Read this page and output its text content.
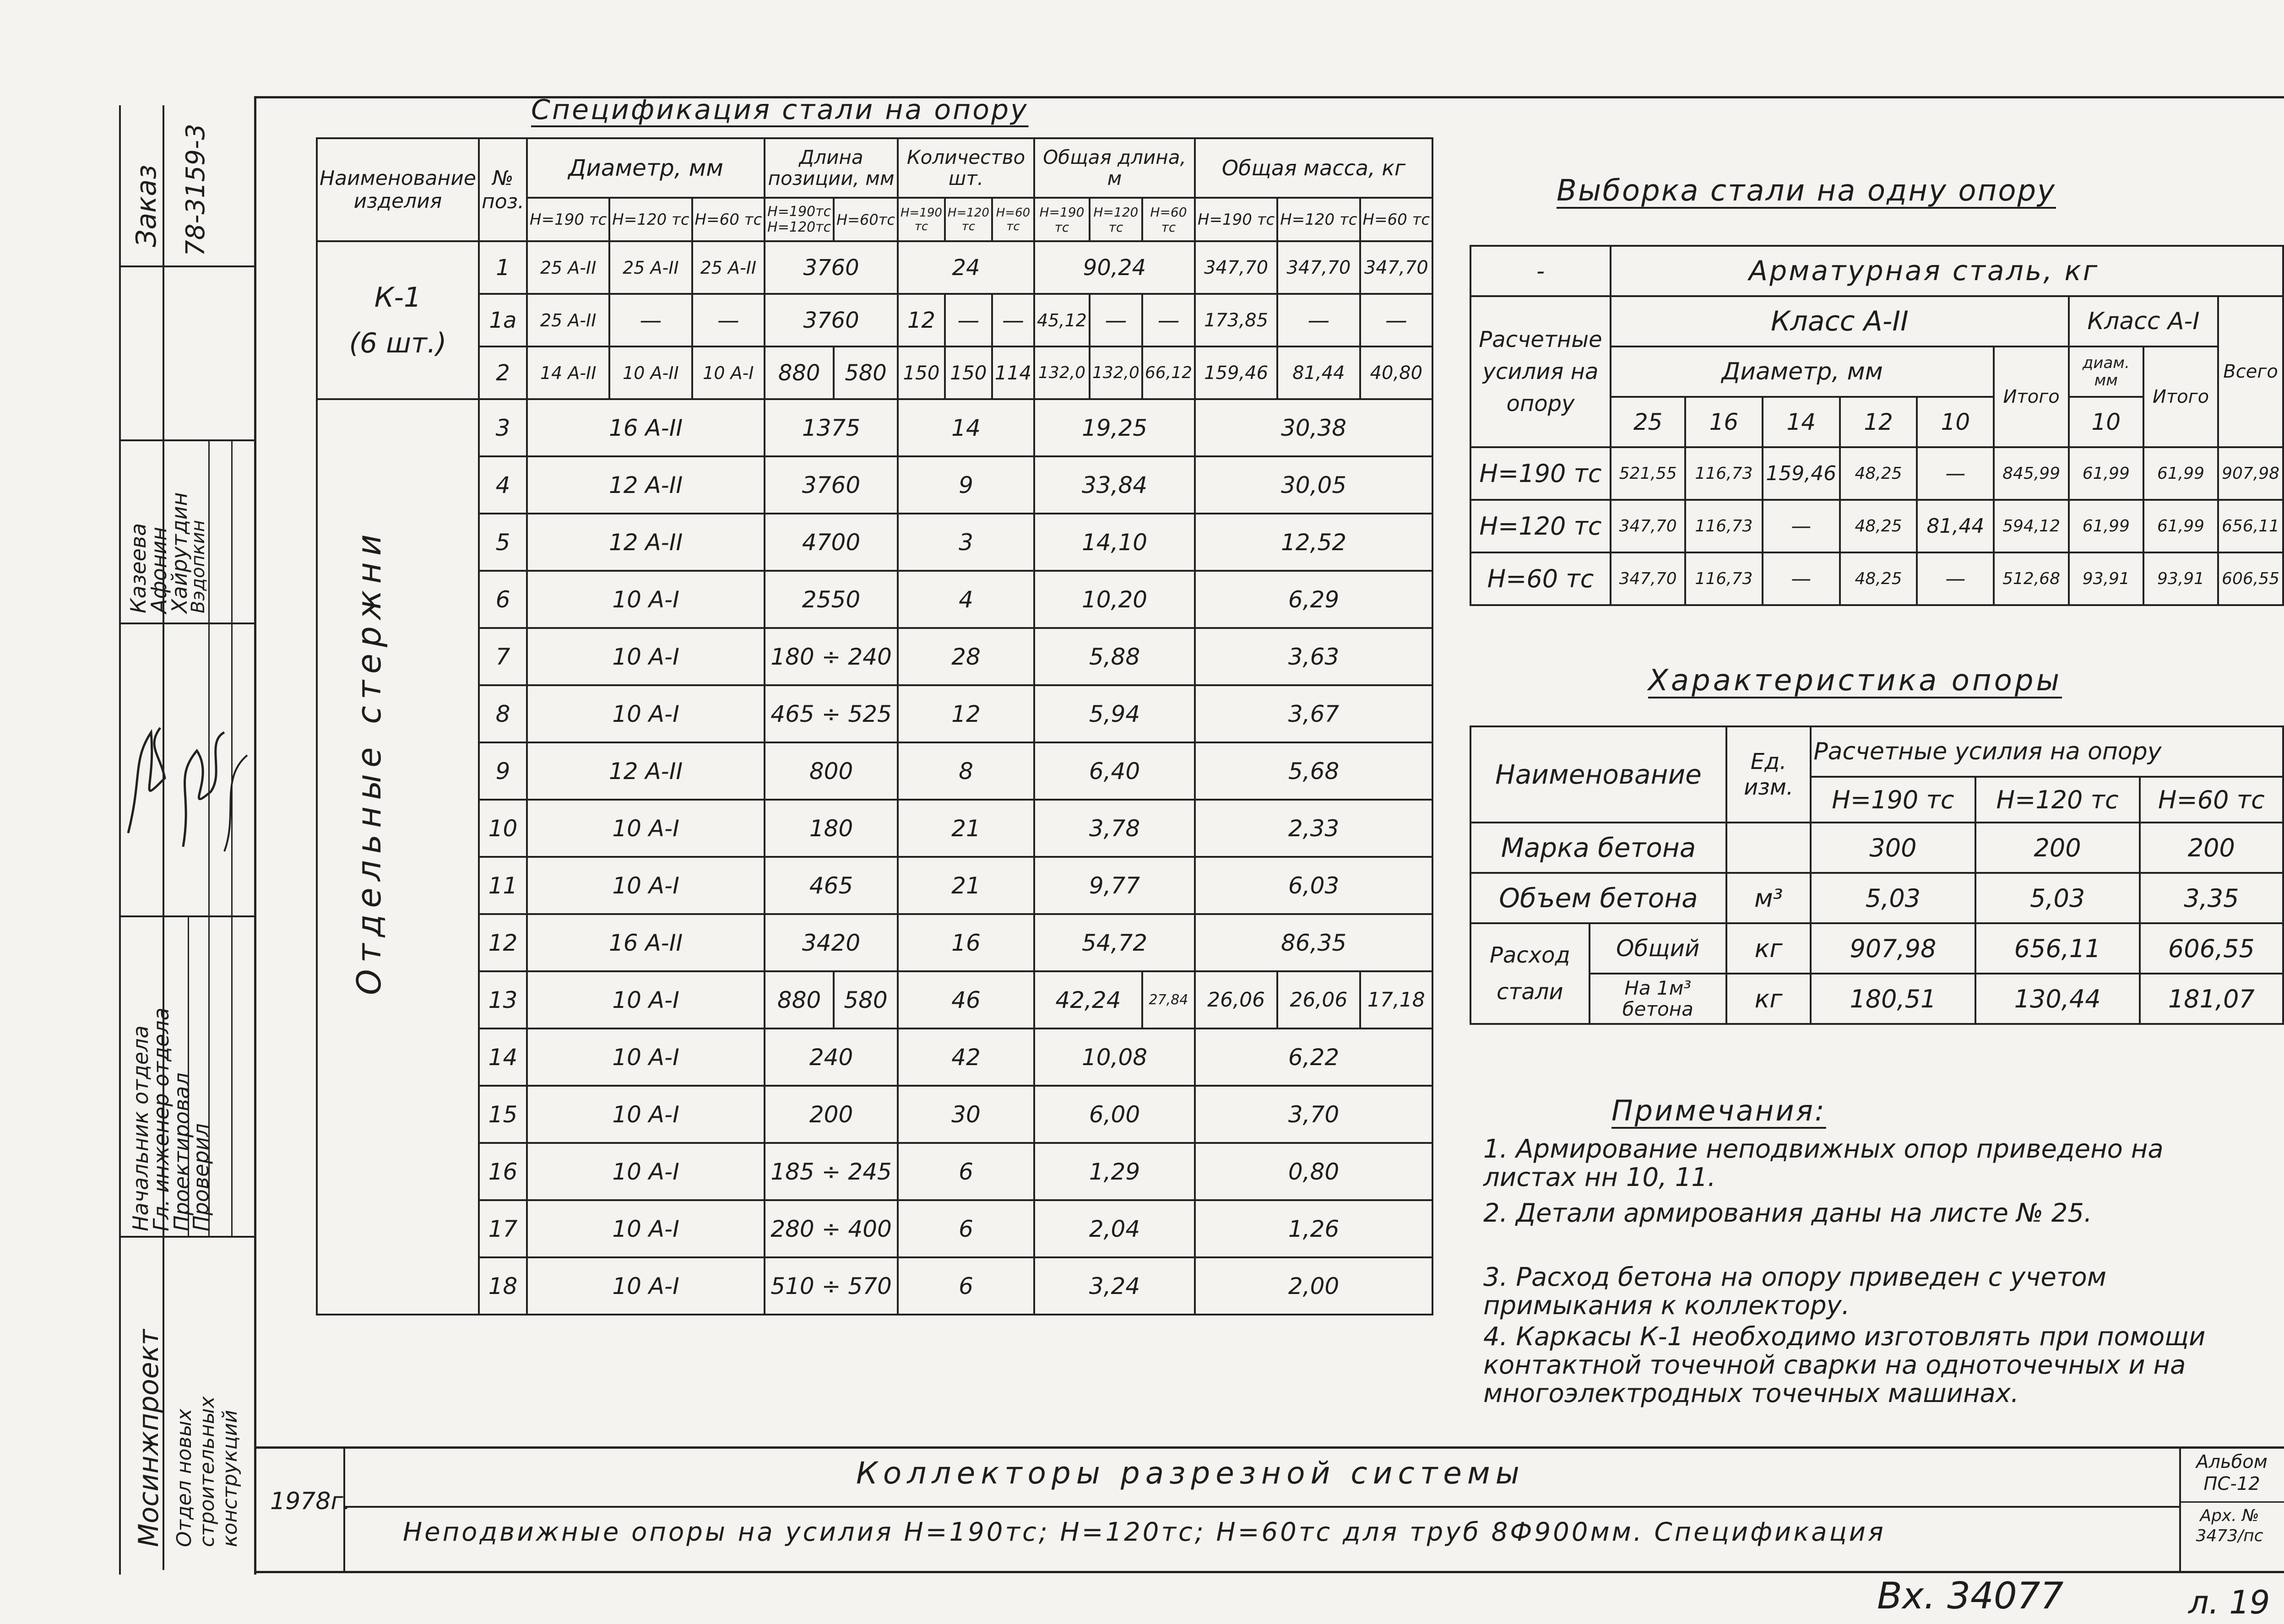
Заказ 78-3159-3
Начальник отдела
Гл. инженер отдела
Проектировал
Проверил
Казеева
Афонин
Хайрутдин
Вэдопкин
Мосинжпроект Отдел новых строительных конструкций
Спецификация стали на опору
Наименование изделия	№ поз.	Диаметр, мм			Длина позиции, мм		Количество шт.			Общая длина, м			Общая масса, кг		
		Н=190 тс	Н=120 тс	Н=60 тс	Н=190тс Н=120тс	Н=60тс	Н=190 тс	Н=120 тс	Н=60 тс	Н=190 тс	Н=120 тс	Н=60 тс	Н=190 тс	Н=120 тс	Н=60 тс

К-1
(6 шт.)	1	25 А-II	25 А-II	25 А-II	3760		24			90,24			347,70	347,70	347,70
	1а	25 А-II	—	—	3760		12	—	—	45,12	—	—	173,85	—	—
	2	14 А-II	10 А-II	10 А-I	880	580	150	150	114	132,0	132,0	66,12	159,46	81,44	40,80

Отдельные стержни	3	16 А-II			1375		14			19,25			30,38		
	4	12 А-II			3760		9			33,84			30,05		
	5	12 А-II			4700		3			14,10			12,52		
	6	10 А-I			2550		4			10,20			6,29		
	7	10 А-I			180 ÷ 240		28			5,88			3,63		
	8	10 А-I			465 ÷ 525		12			5,94			3,67		
	9	12 А-II			800		8			6,40			5,68		
	10	10 А-I			180		21			3,78			2,33		
	11	10 А-I			465		21			9,77			6,03		
	12	16 А-II			3420		16			54,72			86,35		
	13	10 А-I			880	580	46			42,24		27,84	26,06	26,06	17,18
	14	10 А-I			240		42			10,08			6,22		
	15	10 А-I			200		30			6,00			3,70		
	16	10 А-I			185 ÷ 245		6			1,29			0,80		
	17	10 А-I			280 ÷ 400		6			2,04			1,26		
	18	10 А-I			510 ÷ 570		6			3,24			2,00		
Выборка стали на одну опору
-	Арматурная сталь, кг								
Расчетные усилия на опору	Класс А-II						Класс А-I		Всего
	Диаметр, мм					Итого	диам. мм	Итого	
	25	16	14	12	10		10		
Н=190 тс	521,55	116,73	159,46	48,25	—	845,99	61,99	61,99	907,98
Н=120 тс	347,70	116,73	—	48,25	81,44	594,12	61,99	61,99	656,11
Н=60 тс	347,70	116,73	—	48,25	—	512,68	93,91	93,91	606,55
Характеристика опоры
Наименование		Ед. изм.	Расчетные усилия на опору		
			Н=190 тс	Н=120 тс	Н=60 тс
Марка бетона			300	200	200
Объем бетона		м³	5,03	5,03	3,35
Расход стали	Общий	кг	907,98	656,11	606,55
	На 1м³ бетона	кг	180,51	130,44	181,07
Примечания:
1. Армирование неподвижных опор приведено на листах нн 10, 11.
2. Детали армирования даны на листе № 25.
3. Расход бетона на опору приведен с учетом примыкания к коллектору.
4. Каркасы К-1 необходимо изготовлять при помощи контактной точечной сварки на одноточечных и на многоэлектродных точечных машинах.
1978г.
Коллекторы разрезной системы
Неподвижные опоры на усилия Н=190тс; Н=120тс; Н=60тс для труб 8Ф900мм. Спецификация
Альбом ПС-12
Арх. № 3473/пс
Вх. 34077	л. 19
